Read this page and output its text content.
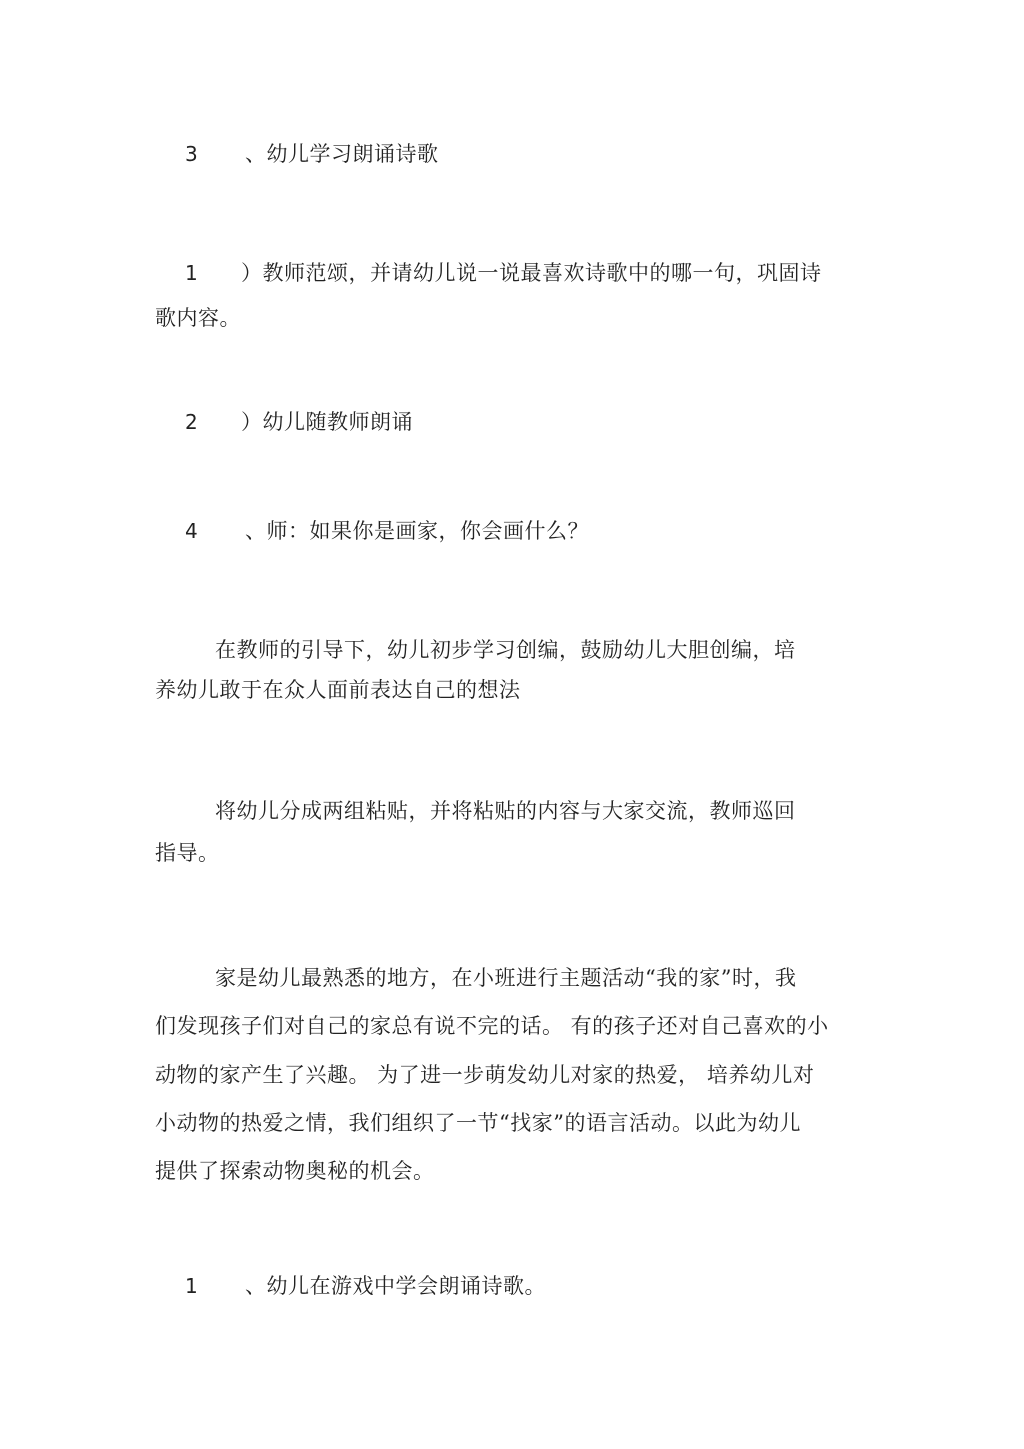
3 、幼儿学习朗诵诗歌
1 ）教师范颂，并请幼儿说一说最喜欢诗歌中的哪一句，巩固诗
歌内容。
2 ）幼儿随教师朗诵
4 、师：如果你是画家，你会画什么？
在教师的引导下，幼儿初步学习创编，鼓励幼儿大胆创编，培
养幼儿敢于在众人面前表达自己的想法
将幼儿分成两组粘贴，并将粘贴的内容与大家交流，教师巡回
指导。
家是幼儿最熟悉的地方，在小班进行主题活动“我的家”时，我
们发现孩子们对自己的家总有说不完的话。 有的孩子还对自己喜欢的小
动物的家产生了兴趣。 为了进一步萌发幼儿对家的热爱， 培养幼儿对
小动物的热爱之情，我们组织了一节“找家”的语言活动。以此为幼儿
提供了探索动物奥秘的机会。
1 、幼儿在游戏中学会朗诵诗歌。
